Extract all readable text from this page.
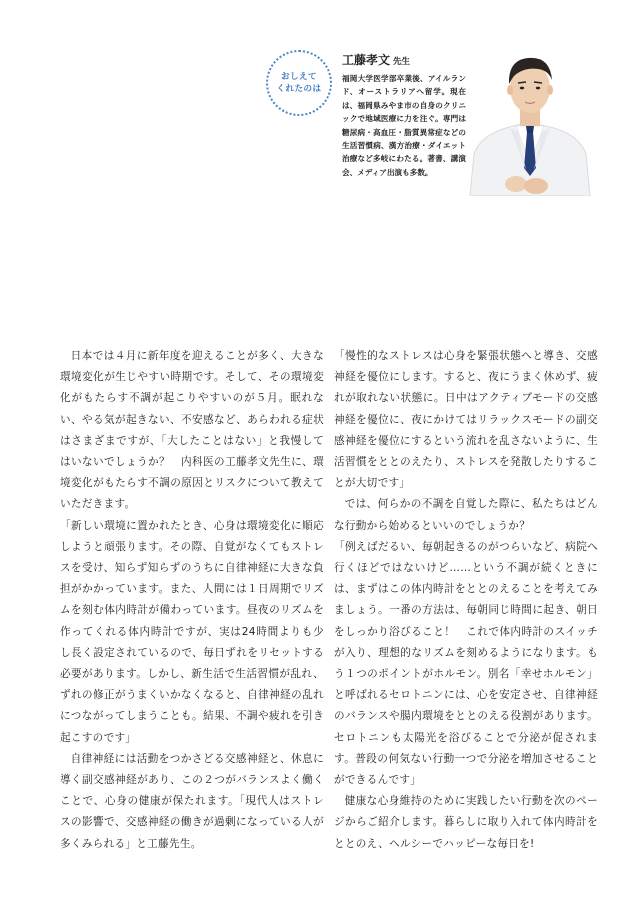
おしえて
くれたのは
工藤孝文 先生

福岡大学医学部卒業後、アイルランド、オーストラリアへ留学。現在は、福岡県みやま市の自身のクリニックで地域医療に力を注ぐ。専門は糖尿病・高血圧・脂質異常症などの生活習慣病、漢方治療・ダイエット治療など多岐にわたる。著書、講演会、メディア出演も多数。

日本では４月に新年度を迎えることが多く、大きな環境変化が生じやすい時期です。そして、その環境変化がもたらす不調が起こりやすいのが５月。眠れない、やる気が起きない、不安感など、あらわれる症状はさまざまですが、「大したことはない」と我慢してはいないでしょうか？　内科医の工藤孝文先生に、環境変化がもたらす不調の原因とリスクについて教えていただきます。

「新しい環境に置かれたとき、心身は環境変化に順応しようと頑張ります。その際、自覚がなくてもストレスを受け、知らず知らずのうちに自律神経に大きな負担がかかっています。また、人間には１日周期でリズムを刻む体内時計が備わっています。昼夜のリズムを作ってくれる体内時計ですが、実は24時間よりも少し長く設定されているので、毎日ずれをリセットする必要があります。しかし、新生活で生活習慣が乱れ、ずれの修正がうまくいかなくなると、自律神経の乱れにつながってしまうことも。結果、不調や疲れを引き起こすのです」

自律神経には活動をつかさどる交感神経と、休息に導く副交感神経があり、この２つがバランスよく働くことで、心身の健康が保たれます。「現代人はストレスの影響で、交感神経の働きが過剰になっている人が多くみられる」と工藤先生。

「慢性的なストレスは心身を緊張状態へと導き、交感神経を優位にします。すると、夜にうまく休めず、疲れが取れない状態に。日中はアクティブモードの交感神経を優位に、夜にかけてはリラックスモードの副交感神経を優位にするという流れを乱さないように、生活習慣をととのえたり、ストレスを発散したりすることが大切です」

では、何らかの不調を自覚した際に、私たちはどんな行動から始めるといいのでしょうか？

「例えばだるい、毎朝起きるのがつらいなど、病院へ行くほどではないけど……という不調が続くときには、まずはこの体内時計をととのえることを考えてみましょう。一番の方法は、毎朝同じ時間に起き、朝日をしっかり浴びること！　これで体内時計のスイッチが入り、理想的なリズムを刻めるようになります。もう１つのポイントがホルモン。別名「幸せホルモン」と呼ばれるセロトニンには、心を安定させ、自律神経のバランスや腸内環境をととのえる役割があります。セロトニンも太陽光を浴びることで分泌が促されます。普段の何気ない行動一つで分泌を増加させることができるんです」

健康な心身維持のために実践したい行動を次のページからご紹介します。暮らしに取り入れて体内時計をととのえ、ヘルシーでハッピーな毎日を!
